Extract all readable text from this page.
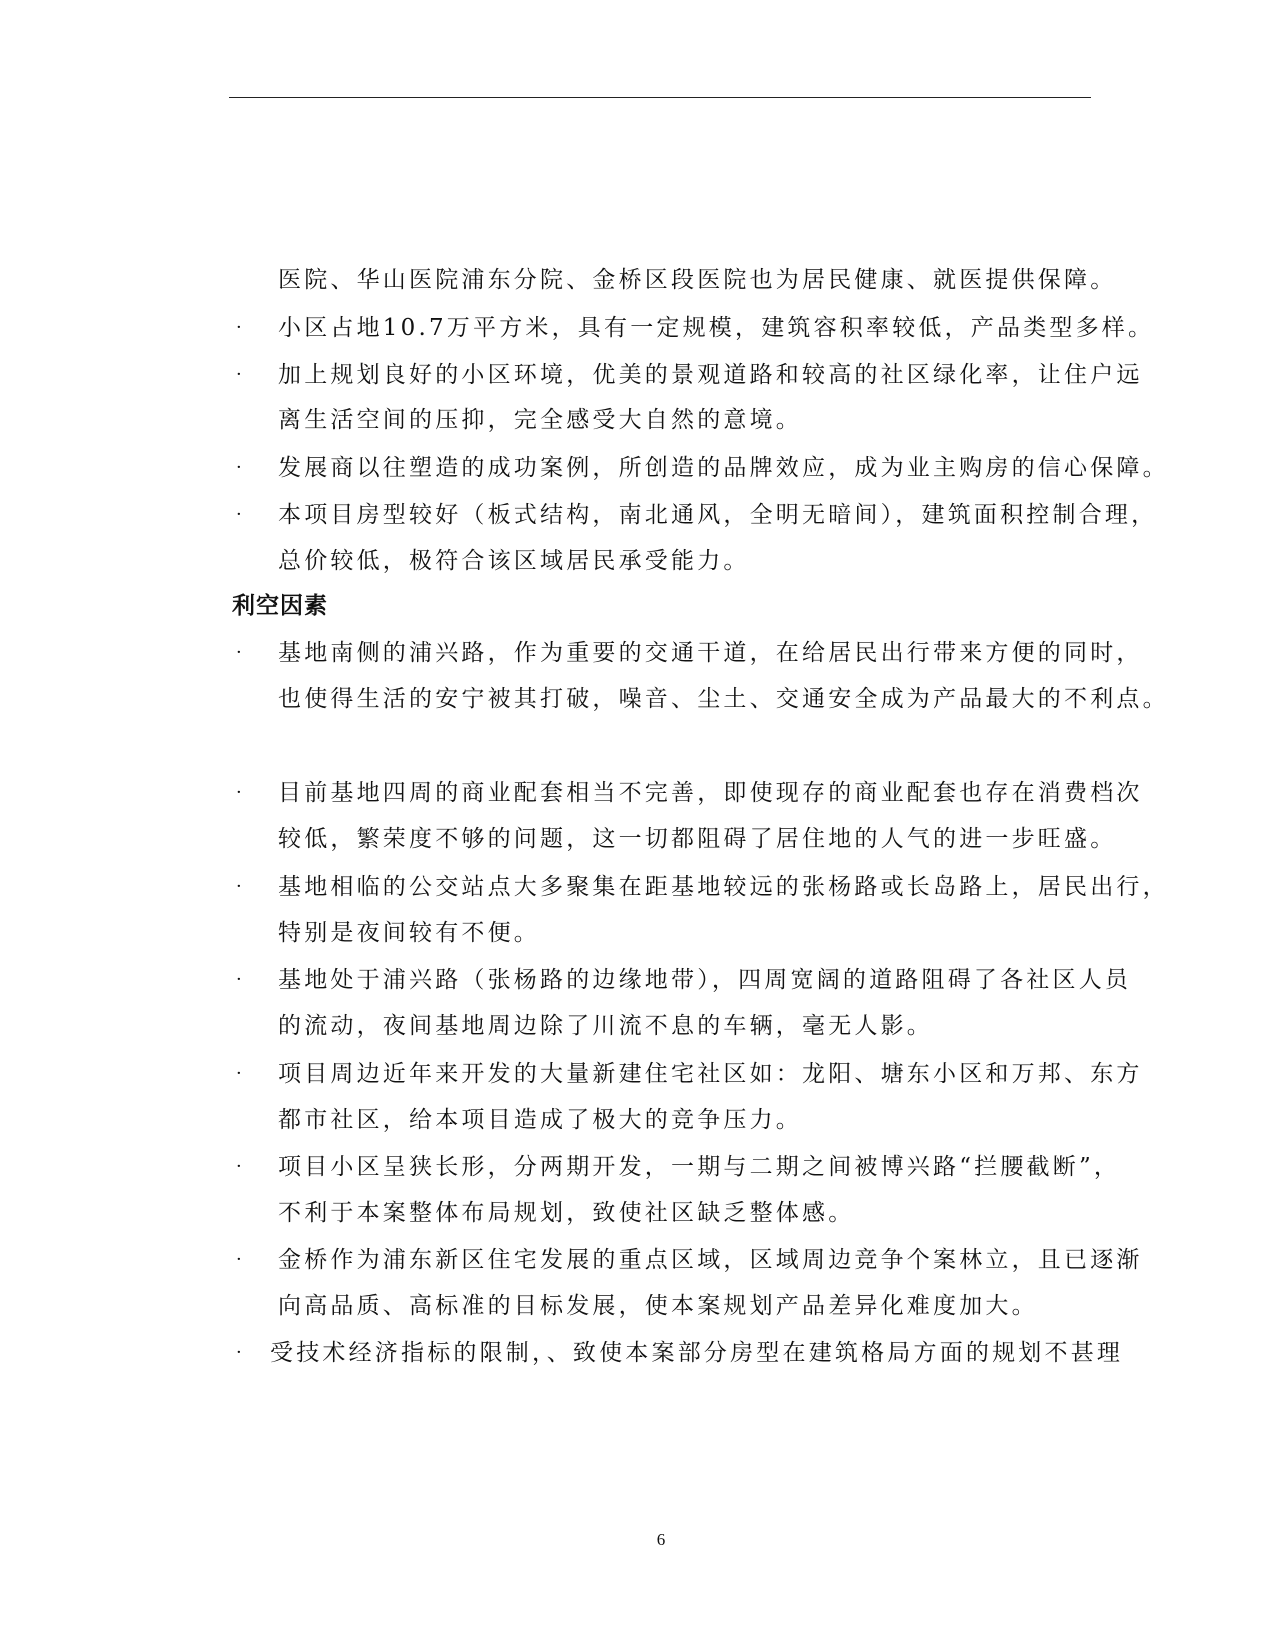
医院、华山医院浦东分院、金桥区段医院也为居民健康、就医提供保障。
· 小区占地10.7万平方米，具有一定规模，建筑容积率较低，产品类型多样。
· 加上规划良好的小区环境，优美的景观道路和较高的社区绿化率，让住户远
离生活空间的压抑，完全感受大自然的意境。
· 发展商以往塑造的成功案例，所创造的品牌效应，成为业主购房的信心保障。
· 本项目房型较好（板式结构，南北通风，全明无暗间），建筑面积控制合理，
总价较低，极符合该区域居民承受能力。
利空因素
· 基地南侧的浦兴路，作为重要的交通干道，在给居民出行带来方便的同时，
也使得生活的安宁被其打破，噪音、尘土、交通安全成为产品最大的不利点。
· 目前基地四周的商业配套相当不完善，即使现存的商业配套也存在消费档次
较低，繁荣度不够的问题，这一切都阻碍了居住地的人气的进一步旺盛。
· 基地相临的公交站点大多聚集在距基地较远的张杨路或长岛路上，居民出行，
特别是夜间较有不便。
· 基地处于浦兴路（张杨路的边缘地带），四周宽阔的道路阻碍了各社区人员
的流动，夜间基地周边除了川流不息的车辆，毫无人影。
· 项目周边近年来开发的大量新建住宅社区如：龙阳、塘东小区和万邦、东方
都市社区，给本项目造成了极大的竞争压力。
· 项目小区呈狭长形，分两期开发，一期与二期之间被博兴路“拦腰截断”，
不利于本案整体布局规划，致使社区缺乏整体感。
· 金桥作为浦东新区住宅发展的重点区域，区域周边竞争个案林立，且已逐渐
向高品质、高标准的目标发展，使本案规划产品差异化难度加大。
· 受技术经济指标的限制，、致使本案部分房型在建筑格局方面的规划不甚理
6
